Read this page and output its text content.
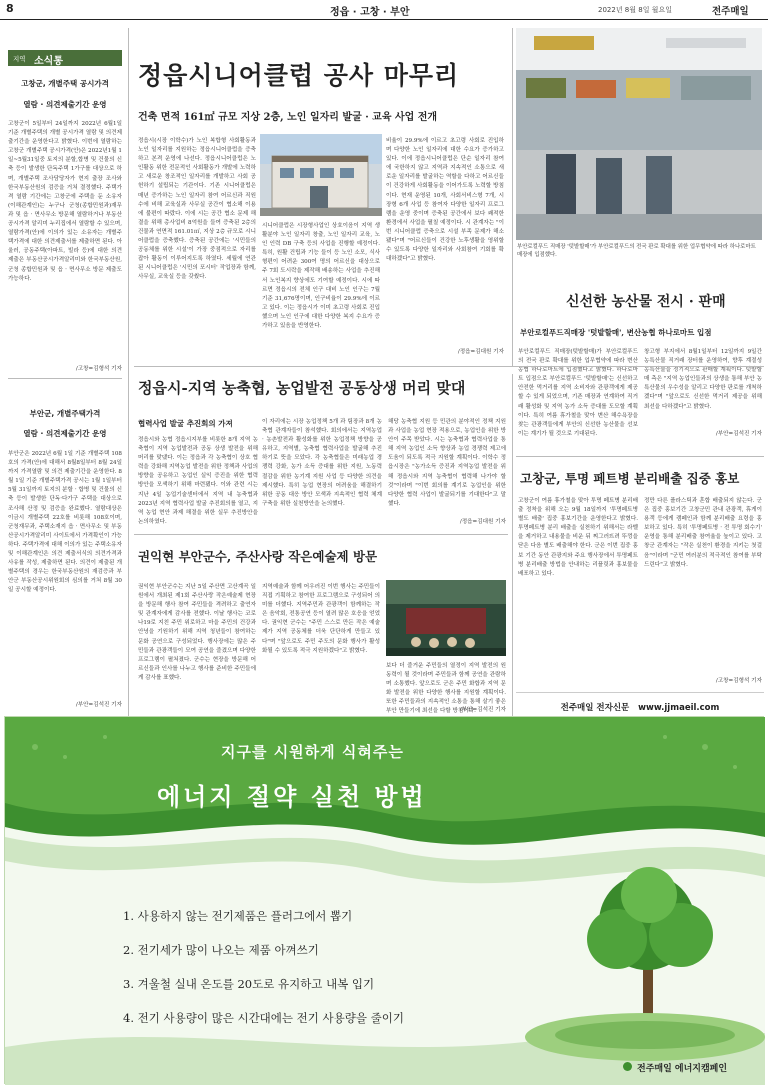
8	정읍 · 고창 · 부안	2022년 8월 8일 월요일	전주매일
지역 소식통
고창군, 개별주택 공시가격
열람 · 의견제출기간 운영
고창군이 5일부터 24일까지 2022년 6월1일기준 개별주택의 개별 공시가격 열람 및 의견제출기간을 운영한다고 밝혔다. 이번에 열람하는 고창군 개별주택 공시가격(안)은 2022년1월 1일~5월31일중 토지의 분할,합병 및 건물의 신축 등이 발생한 단독주택 1가구를 대상으로 하며, 개별주택 조사담당자가 현지 출장 조사와 한국부동산원의 검증을 거쳐 결정했다. 주택가격 열람 기간에는 고창군에 주택을 둔 소유자(이해관계인)는 누구나 군청(종합민원과)재무과 및 읍 · 면사무소 방문해 열람하거나 부동산공시가격 알리미 누리집에서 열람할 수 있으며, 열람가격(안)에 이의가 있는 소유자는 개별주택가격에 대한 의견제출서를 제출하면 된다. 아울러, 공동주택(아파트, 빌라 등)에 대한 의견제출은 부동산공시가격알리미와 한국부동산원, 군청 종합민원과 및 읍 · 면사무소 방문 제출도 가능하다.
/고창=김형석 기자
부안군, 개별주택가격
열람 · 의견제출기간 운영
부안군은 2022년 6월 1일 기준 개별주택 108호의 가격(안)에 대해서 8월8일부터 8월 24일까지 가격열람 및 의견 제출기간을 운영한다. 8월 1일 기준 개별주택가격 공시는 1월 1일부터 5월 31일까지 토지의 분할 · 합병 및 건물의 신축 등이 발생한 단독·다가구 주택을 대상으로 조사해 산정 및 검증을 완료했다. 열람대상은 이금시 개별주택 22호를 비롯해 108호이며, 군청재무과, 주택소재지 읍 · 면사무소 및 부동산공시가격알리미 사이트에서 가격확인이 가능하다. 주택가격에 대해 이의가 있는 주택소유자 및 이해관계인은 의견 제출서식의 의견가격과 사유를 작성, 제출하면 된다. 의견이 제출된 개별주택의 경우는 한국부동산원의 재검증과 부안군 부동산공시위원회의 심의를 거쳐 8월 30일 공시할 예정이다.
/부안=김석진 기자
정읍시니어클럽 공사 마무리
건축 면적 161㎡ 규모 지상 2층, 노인 일자리 발굴 · 교육 사업 전개
정읍시(시장 이학수)가 노인 복합형 사회활동과 노인 일자리를 지원하는 정읍시니어클럽을 증축하고 본격 운영에 나선다. 정읍시니어클럽은 노인활동 위한 전문적인 사회활동가 개발에 노력하고 새로운 창조적인 일자리를 개발하고 사회 공헌하기 설립되는 기관이다. 기존 시니어클럽은 매년 증가하는 노인 일자리 참여 어르신과 직원 수에 비해 교육실과 사무실 공간이 협소해 이용에 불편이 따랐다. 이에 시는 공간 협소 문제 해결을 위해 총사업비 8억원을 들여 증축된 2층의 건물과 연면적 161.01㎡, 지상 2층 규모로 시니어클럽을 증축했다. 증축된 공간에는 '시민들의 공동체를 위한 시설'이 가장 중점적으로 자리를 잡아 활동이 이루어지도록 하였다. 세월에 연관된 시니어클럽은 '시민의 포시터' 작업장과 함께, 사무실, 교육실 등을 갖췄다.
시니어클럽은 시장형사업인 상호이음이 지역 생활분야 노인 일자리 창출, 노인 일자리 교육, 노인 인력 DB 구축 등의 사업을 진행할 예정이다. 특히, 원활 건립과 기능 들이 등 노인 소모, 식사 형편이 어려운 300여 명의 어르신을 대상으로 주 7회 도시락을 제작해 배송하는 사업을 추진해서 노인복지 향상에도 기여할 예정이다. 시에 따르면 정읍시의 전체 인구 대비 노인 인구는 7월 기준 31,676명이며, 인구비율이 29.9%에 이르고 있다. 이는 정읍시가 이미 초고령 사회로 진입했으며 노인 인구에 대한 다양한 복지 수요가 증가하고 있음을 반영한다.
비율이 29.9%에 이르고 초고령 사회로 진입하며 다양한 노인 일자리에 대한 수요가 증가하고 있다. 이에 정읍시니어클럽은 단순 일자리 참여에 국한하지 않고 지역과 지속적인 소통으로 새로운 일자리를 발굴하는 역할을 다하고 어르신들이 건강하게 사회활동을 이어가도록 노력할 방침이다. 현재 운영된 10개, 사회서비스형 7개, 시장형 6개 사업 등 참여자 다양한 일자리 프로그램을 운영 중이며 증축된 공간에서 보다 쾌적한 환경에서 사업을 펼칠 예정이다. 시 관계자는 "이번 시니어클럽 증축으로 시설 부족 문제가 해소됐다"며 "어르신들이 건강한 노후생활을 영위할 수 있도록 다양한 일자리와 사회참여 기회를 확대하겠다"고 밝혔다.
/정읍=김대원 기자
부안로컬푸드 직매장 '텃밭할매'가 부안로컬푸드의 전국 판로 확대를 위한 업무협약에 따라 하나로마트 매장에 입점했다.
신선한 농산물 전시 · 판매
부안로컬푸드직매장 '텃밭할매', 변산농협 하나로마트 입점
부안로컬푸드 직매장(텃밭할매)가 부안로컬푸드의 전국 판로 확대를 위한 업무협약에 따라 변산농협 하나로마트에 입점했다고 밝혔다. 하나로마트 입점으로 부안로컬푸드 '텃밭할매'는 신선하고 안전한 먹거리를 지역 소비자와 관광객에게 제공할 수 있게 되었으며, 기존 매장과 연계하여 직거래 활성화 및 지역 농가 소득 증대를 도모할 계획이다. 특히 여름 휴가철을 맞아 변산 해수욕장을 찾는 관광객들에게 부안의 신선한 농산물을 선보이는 계기가 될 것으로 기대된다.
창고형 부지에서 8월1일부터 12일까지 9일간 농특산물 직거래 장터를 운영하여, 향후 계절성 농특산물을 정기적으로 판매할 계획이다. 텃밭할매 측은 "지역 농업인들과의 상생을 통해 부안 농특산물의 우수성을 알리고 다양한 판로를 개척하겠다"며 "앞으로도 신선한 먹거리 제공을 위해 최선을 다하겠다"고 밝혔다.
/부안=김석진 기자
정읍시-지역 농축협, 농업발전 공동상생 머리 맞대
협력사업 발굴 추진회의 가져
정읍시와 농협 정읍시지부를 비롯한 8개 지역 농축협이 지역 농업발전과 공동 상생 발전을 위해 머리를 맞댔다. 이는 정읍과 각 농축협이 상호 협력을 강화해 지역농업 발전을 위한 정책과 사업의 방향을 공유하고 농업인 실익 증진을 위한 협력 방안을 모색하기 위해 마련됐다. 이와 관련 시는 지난 4일 농업기술센터에서 지역 내 농축협과 2023년 지역 협력사업 발굴 추진회의를 열고, 지역 농업 현안 과제 해결을 위한 실무 추진방안을 논의하였다.
이 자리에는 시장 농업정책 5개 과 팀장과 8개 농축협 관계자들이 참석했다. 회의에서는 지역농업 · 농촌발전과 활성화를 위한 농업정책 방향을 공유하고, 지역별, 농축협 협력사업을 발굴해 추진하기로 뜻을 모았다. 각 농축협들은 미래농업 경쟁력 강화, 농가 소득 증대를 위한 지원, 노동력 절감을 위한 농기계 지원 사업 등 다양한 의견을 제시했다. 특히 농업 현장의 어려움을 해결하기 위한 공동 대응 방안 모색과 지속적인 협력 체계 구축을 위한 실천방안을 논의했다.
해당 농축협 지원 등 민관의 분야적인 정책 지원과 사업을 농업 현장 적용으로, 농업인을 위한 방안이 주목 받았다. 시는 농축협과 협력사업을 통해 지역 농업인 소득 향상과 농업 경쟁력 제고에 도움이 되도록 적극 지원할 계획이다. 이학수 정읍시장은 "농가소득 증진과 지역농업 발전을 위해 정읍시와 지역 농축협이 협력해 나가야 할 것"이라며 "이번 회의를 계기로 농업인을 위한 다양한 협력 사업이 발굴되기를 기대한다"고 말했다.
/정읍=김대원 기자
권익현 부안군수, 주산사랑 작은예술제 방문
권익현 부안군수는 지난 5일 주산면 고산계곡 일원에서 개최된 제1회 주산사랑 작은예술제 현장을 방문해 행사 참여 주민들을 격려하고 출연자 및 관계자에게 감사를 전했다. 이날 행사는 코로나19로 지친 주민 위로하고 마을 주민의 건강과 안녕을 기원하기 위해 지역 청년들이 참여하는 문화 공연으로 구성되었다. 행사장에는 많은 주민들과 관광객들이 모여 공연을 즐겼으며 다양한 프로그램이 펼쳐졌다. 군수는 현장을 방문해 어르신들과 인사를 나누고 행사를 준비한 주민들에게 감사를 표했다.
지역예술과 함께 어우러진 이번 행사는 주민들이 직접 기획하고 참여한 프로그램으로 구성되어 의미를 더했다. 지역주민과 관광객이 함께하는 작은 음악회, 전통공연 등이 열려 많은 호응을 얻었다. 권익현 군수는 "주민 스스로 만든 작은 예술제가 지역 공동체를 더욱 단단하게 만들고 있다"며 "앞으로도 주민 주도의 문화 행사가 활성화될 수 있도록 적극 지원하겠다"고 밝혔다.
보다 더 즐거운 주민들의 열정이 지역 발전의 원동력이 될 것이라며 주민들과 함께 공연을 관람하며 소통했다. 앞으로도 군은 주민 화합과 지역 문화 발전을 위한 다양한 행사를 지원할 계획이다. 또한 주민들과의 지속적인 소통을 통해 살기 좋은 부안 만들기에 최선을 다할 방침이다.
/부안=김석진 기자
고창군, 투명 페트병 분리배출 집중 홍보
고창군이 여름 휴가철을 맞아 투명 페트병 분리배출 정착을 위해 오는 9월 18일까지 '투명페트병 별도 배출' 집중 홍보기간을 운영한다고 밝혔다. 투명페트병 분리 배출을 실천하기 위해서는 라벨을 제거하고 내용물을 비운 뒤 찌그러뜨려 뚜껑을 닫은 다음 별도 배출해야 한다. 군은 이번 집중 홍보 기간 동안 관광지와 주요 행사장에서 투명페트병 분리배출 방법을 안내하는 리플릿과 홍보물을 배포하고 있다.
정만 다른 플라스틱과 혼합 배출되지 않는다. 군은 집중 홍보기간 고창군민 관내 관광객, 휴게이용객 등에게 캠페인과 함께 분리배출 요령을 홍보하고 있다. 특히 '투명페트병 · 전 투명 회수기' 운영을 통해 분리배출 참여율을 높이고 있다. 고창군 관계자는 "작은 실천이 환경을 지키는 첫걸음"이라며 "군민 여러분의 적극적인 참여를 부탁드린다"고 밝혔다.
/고창=김형석 기자
전주매일 전자신문   www.jjmaeil.com
지구를 시원하게 식혀주는
에너지 절약 실천 방법
1. 사용하지 않는 전기제품은 플러그에서 뽑기
2. 전기세가 많이 나오는 제품 아껴쓰기
3. 겨울철 실내 온도를 20도로 유지하고 내복 입기
4. 전기 사용량이 많은 시간대에는 전기 사용량을 줄이기
전주매일 에너지캠페인
